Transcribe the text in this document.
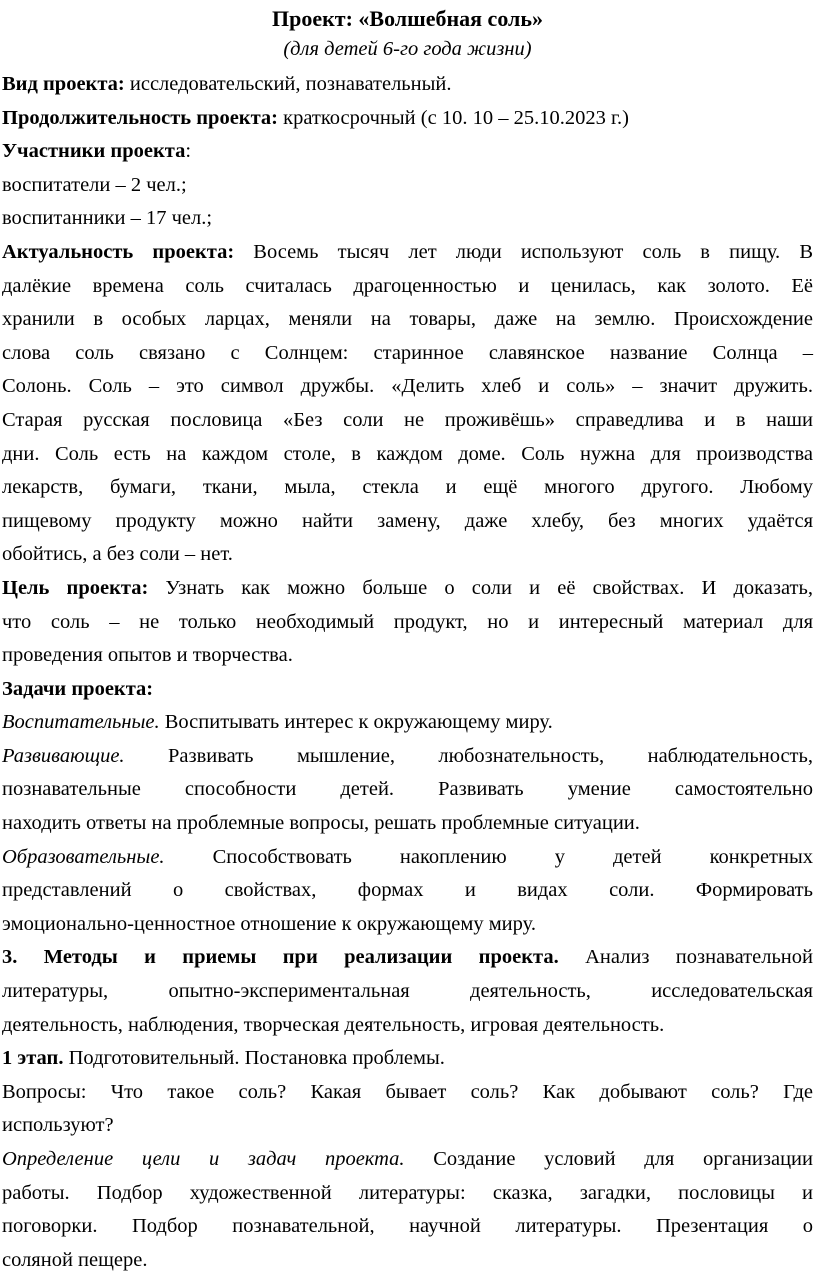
Проект: «Волшебная соль»
(для детей 6-го года жизни)
Вид проекта: исследовательский, познавательный.
Продолжительность проекта: краткосрочный (с 10. 10 – 25.10.2023 г.)
Участники проекта:
воспитатели – 2 чел.;
воспитанники – 17 чел.;
Актуальность проекта: Восемь тысяч лет люди используют соль в пищу. В
далёкие времена соль считалась драгоценностью и ценилась, как золото. Её
хранили в особых ларцах, меняли на товары, даже на землю. Происхождение
слова соль связано с Солнцем: старинное славянское название Солнца –
Солонь. Соль – это символ дружбы. «Делить хлеб и соль» – значит дружить.
Старая русская пословица «Без соли не проживёшь» справедлива и в наши
дни. Соль есть на каждом столе, в каждом доме. Соль нужна для производства
лекарств, бумаги, ткани, мыла, стекла и ещё многого другого. Любому
пищевому продукту можно найти замену, даже хлебу, без многих удаётся
обойтись, а без соли – нет.
Цель проекта: Узнать как можно больше о соли и её свойствах. И доказать,
что соль – не только необходимый продукт, но и интересный материал для
проведения опытов и творчества.
Задачи проекта:
Воспитательные. Воспитывать интерес к окружающему миру.
Развивающие. Развивать мышление, любознательность, наблюдательность,
познавательные способности детей. Развивать умение самостоятельно
находить ответы на проблемные вопросы, решать проблемные ситуации.
Образовательные. Способствовать накоплению у детей конкретных
представлений о свойствах, формах и видах соли. Формировать
эмоционально-ценностное отношение к окружающему миру.
3. Методы и приемы при реализации проекта. Анализ познавательной
литературы, опытно-экспериментальная деятельность, исследовательская
деятельность, наблюдения, творческая деятельность, игровая деятельность.
1 этап. Подготовительный. Постановка проблемы.
Вопросы: Что такое соль? Какая бывает соль? Как добывают соль? Где
используют?
Определение цели и задач проекта. Создание условий для организации
работы. Подбор художественной литературы: сказка, загадки, пословицы и
поговорки. Подбор познавательной, научной литературы. Презентация о
соляной пещере.
